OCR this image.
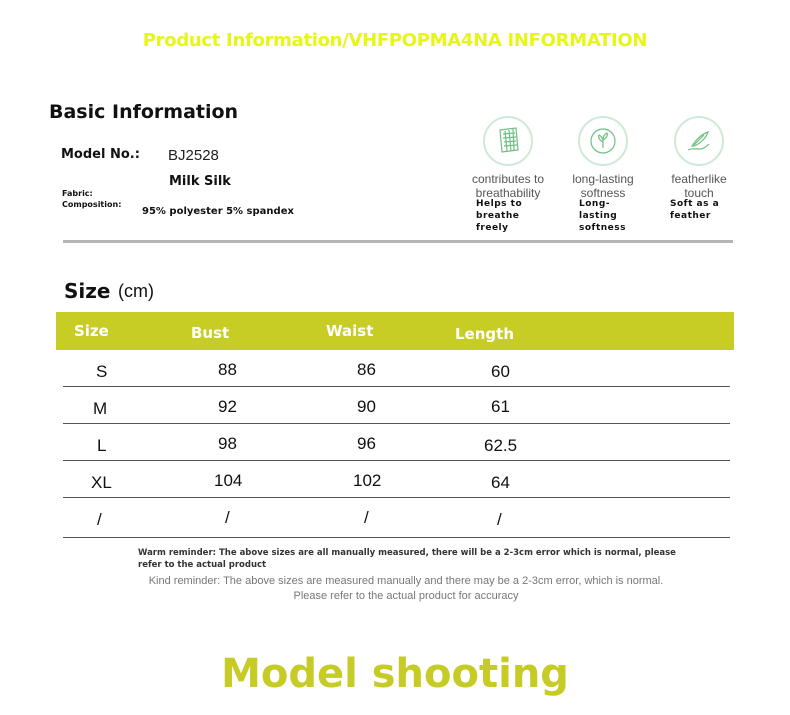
Product Information/VHFPOPMA4NA INFORMATION
Basic Information
Model No.: BJ2528
Milk Silk
Fabric:
Composition:
95% polyester 5% spandex
contributes to
breathability
Helps to
breathe
freely
long-lasting
softness
Long-
lasting
softness
featherlike
touch
Soft as a
feather
Size (cm)
Size	Bust	Waist	Length
S	88	86	60
M	92	90	61
L	98	96	62.5
XL	104	102	64
/	/	/	/
Warm reminder: The above sizes are all manually measured, there will be a 2-3cm error which is normal, please
refer to the actual product
Kind reminder: The above sizes are measured manually and there may be a 2-3cm error, which is normal.
Please refer to the actual product for accuracy
Model shooting
